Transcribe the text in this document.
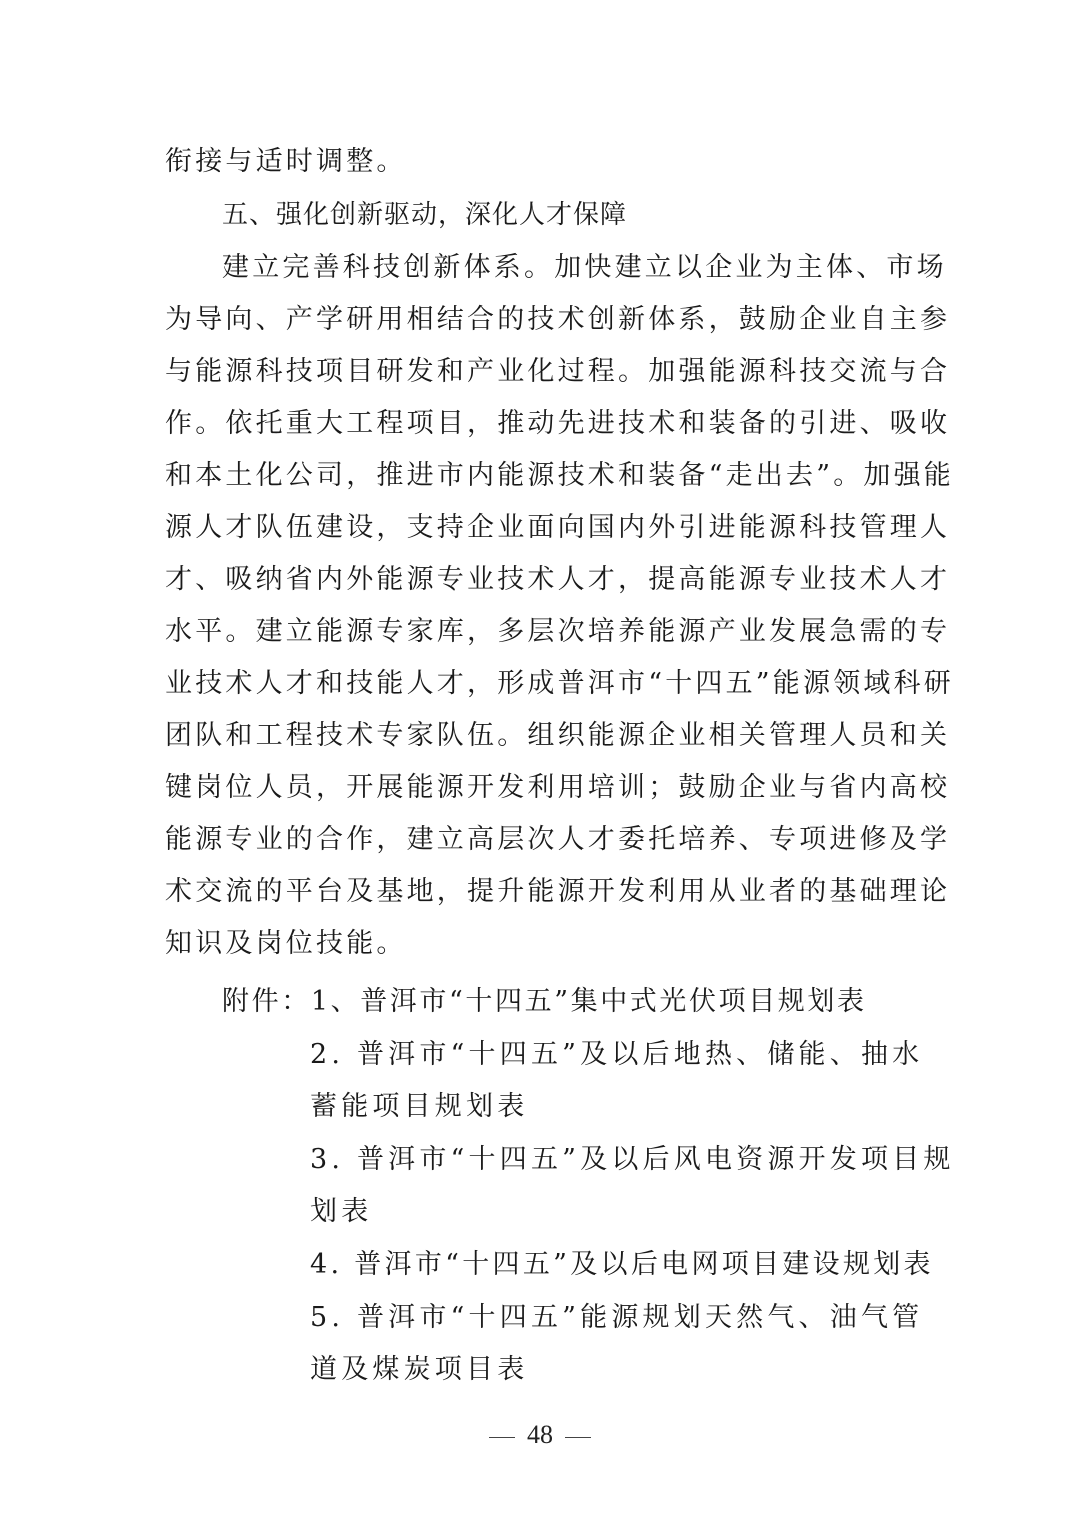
衔接与适时调整。
五、强化创新驱动，深化人才保障
建立完善科技创新体系。加快建立以企业为主体、市场
为导向、产学研用相结合的技术创新体系，鼓励企业自主参
与能源科技项目研发和产业化过程。加强能源科技交流与合
作。依托重大工程项目，推动先进技术和装备的引进、吸收
和本土化公司，推进市内能源技术和装备“走出去”。加强能
源人才队伍建设，支持企业面向国内外引进能源科技管理人
才、吸纳省内外能源专业技术人才，提高能源专业技术人才
水平。建立能源专家库，多层次培养能源产业发展急需的专
业技术人才和技能人才，形成普洱市“十四五”能源领域科研
团队和工程技术专家队伍。组织能源企业相关管理人员和关
键岗位人员，开展能源开发利用培训；鼓励企业与省内高校
能源专业的合作，建立高层次人才委托培养、专项进修及学
术交流的平台及基地，提升能源开发利用从业者的基础理论
知识及岗位技能。
附件：1、普洱市“十四五”集中式光伏项目规划表
2. 普洱市“十四五”及以后地热、储能、抽水
蓄能项目规划表
3. 普洱市“十四五”及以后风电资源开发项目规
划表
4. 普洱市“十四五”及以后电网项目建设规划表
5. 普洱市“十四五”能源规划天然气、油气管
道及煤炭项目表
48
